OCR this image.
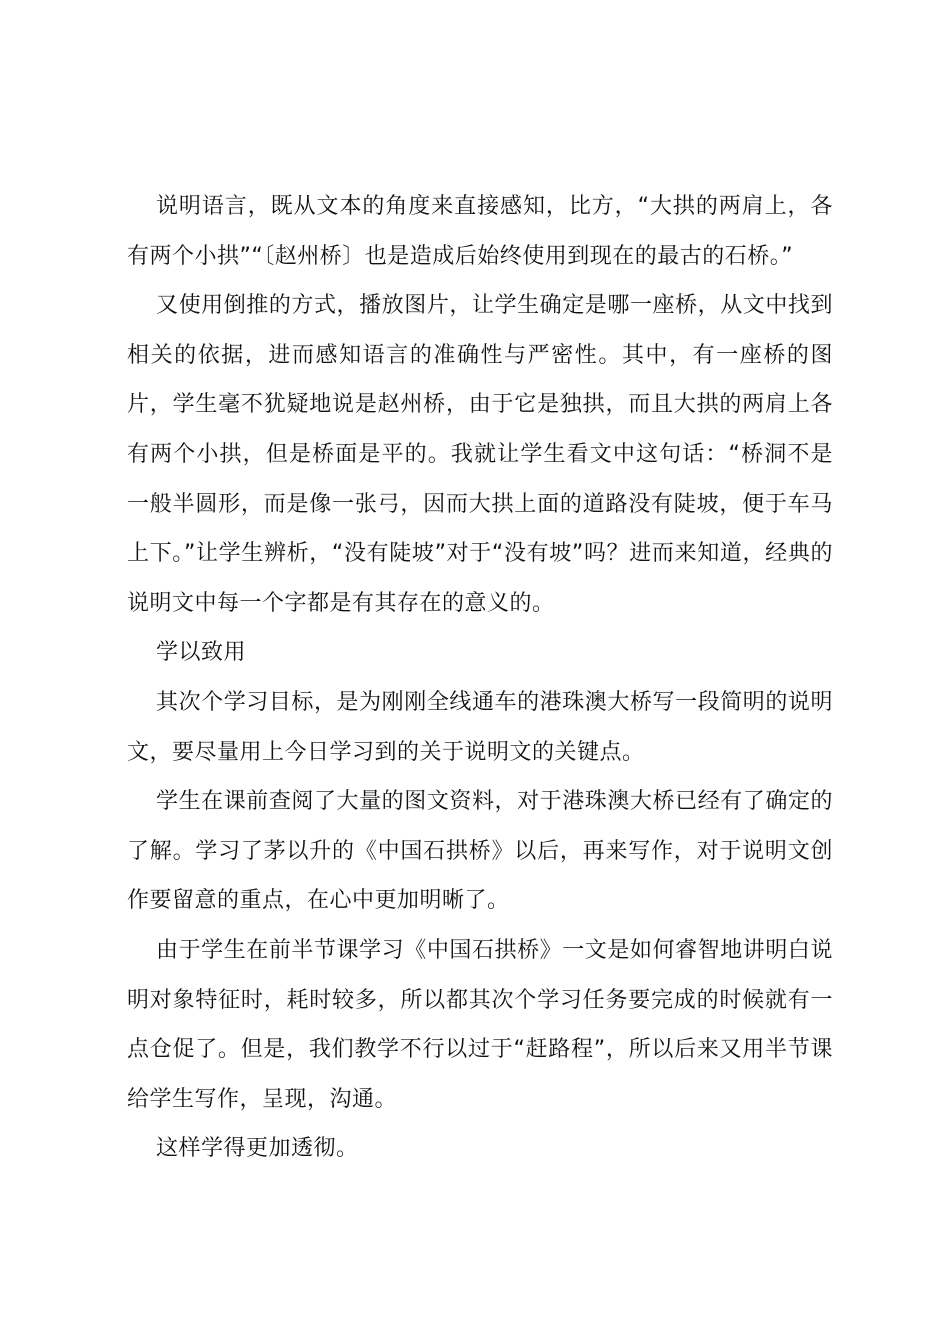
说明语言，既从文本的角度来直接感知，比方，“大拱的两肩上，各有两个小拱”“〔赵州桥〕也是造成后始终使用到现在的最古的石桥。”

又使用倒推的方式，播放图片，让学生确定是哪一座桥，从文中找到相关的依据，进而感知语言的准确性与严密性。其中，有一座桥的图片，学生毫不犹疑地说是赵州桥，由于它是独拱，而且大拱的两肩上各有两个小拱，但是桥面是平的。我就让学生看文中这句话：“桥洞不是一般半圆形，而是像一张弓，因而大拱上面的道路没有陡坡，便于车马上下。”让学生辨析，“没有陡坡”对于“没有坡”吗？进而来知道，经典的说明文中每一个字都是有其存在的意义的。

学以致用

其次个学习目标，是为刚刚全线通车的港珠澳大桥写一段简明的说明文，要尽量用上今日学习到的关于说明文的关键点。

学生在课前查阅了大量的图文资料，对于港珠澳大桥已经有了确定的了解。学习了茅以升的《中国石拱桥》以后，再来写作，对于说明文创作要留意的重点，在心中更加明晰了。

由于学生在前半节课学习《中国石拱桥》一文是如何睿智地讲明白说明对象特征时，耗时较多，所以都其次个学习任务要完成的时候就有一点仓促了。但是，我们教学不行以过于“赶路程”，所以后来又用半节课给学生写作，呈现，沟通。

这样学得更加透彻。
